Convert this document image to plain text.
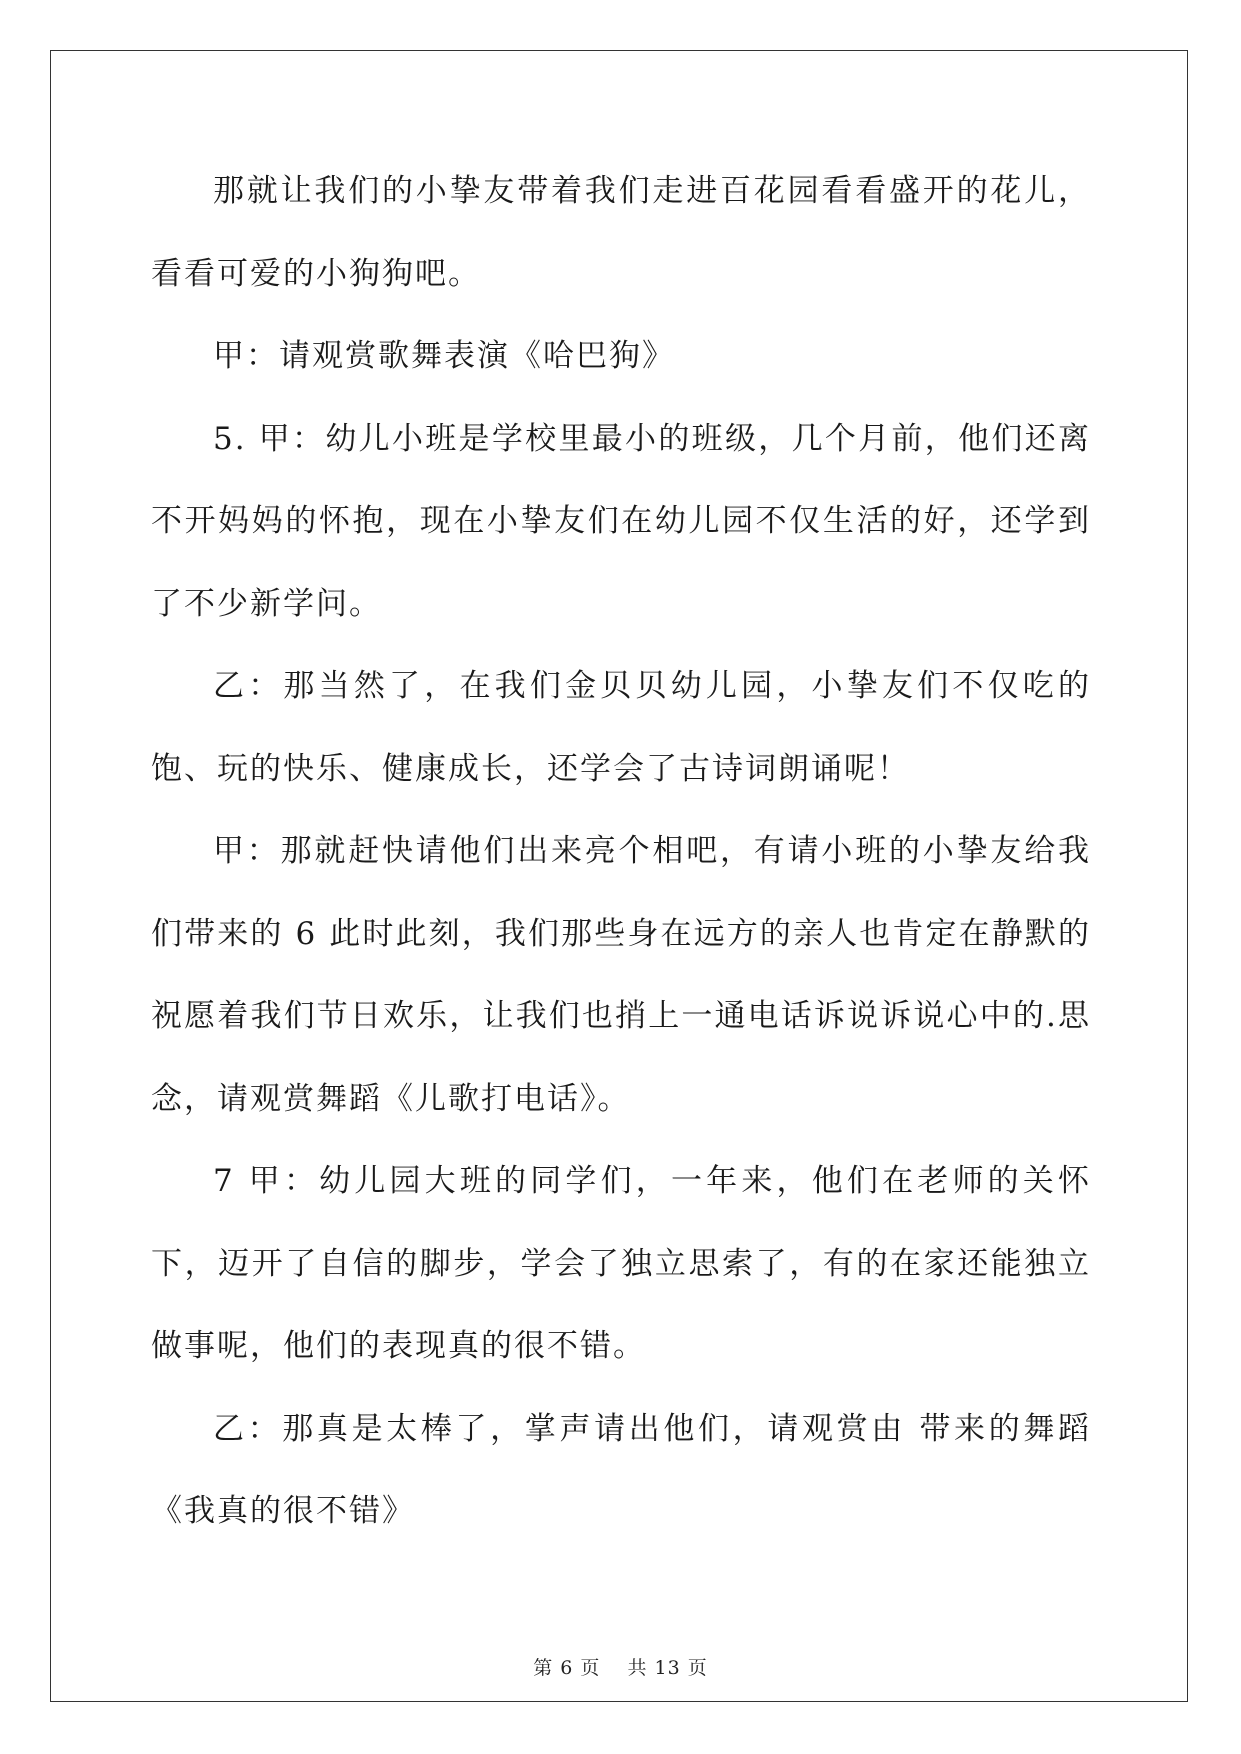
那就让我们的小挚友带着我们走进百花园看看盛开的花儿，看看可爱的小狗狗吧。

甲：请观赏歌舞表演《哈巴狗》

5. 甲：幼儿小班是学校里最小的班级，几个月前，他们还离不开妈妈的怀抱，现在小挚友们在幼儿园不仅生活的好，还学到了不少新学问。

乙：那当然了，在我们金贝贝幼儿园，小挚友们不仅吃的饱、玩的快乐、健康成长，还学会了古诗词朗诵呢！

甲：那就赶快请他们出来亮个相吧，有请小班的小挚友给我们带来的 6 此时此刻，我们那些身在远方的亲人也肯定在静默的祝愿着我们节日欢乐，让我们也捎上一通电话诉说诉说心中的.思念，请观赏舞蹈《儿歌打电话》。

7 甲：幼儿园大班的同学们，一年来，他们在老师的关怀下，迈开了自信的脚步，学会了独立思索了，有的在家还能独立做事呢，他们的表现真的很不错。

乙：那真是太棒了，掌声请出他们，请观赏由 带来的舞蹈《我真的很不错》

第 6 页　 共 13 页
